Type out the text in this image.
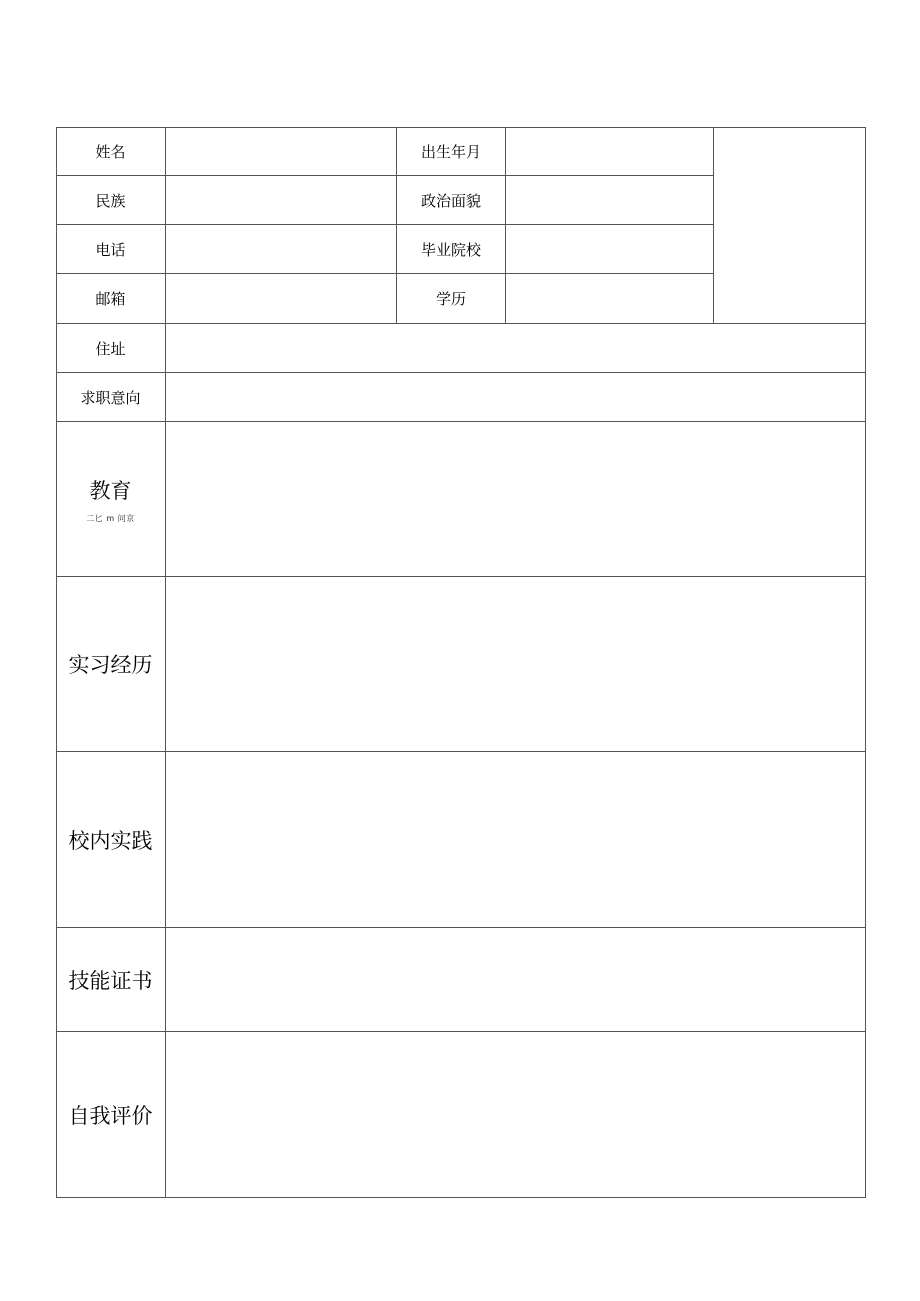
姓名	出生年月
民族	政治面貌
电话	毕业院校
邮箱	学历
住址
求职意向
教育
二匕 m 问京
实习经历
校内实践
技能证书
自我评价
